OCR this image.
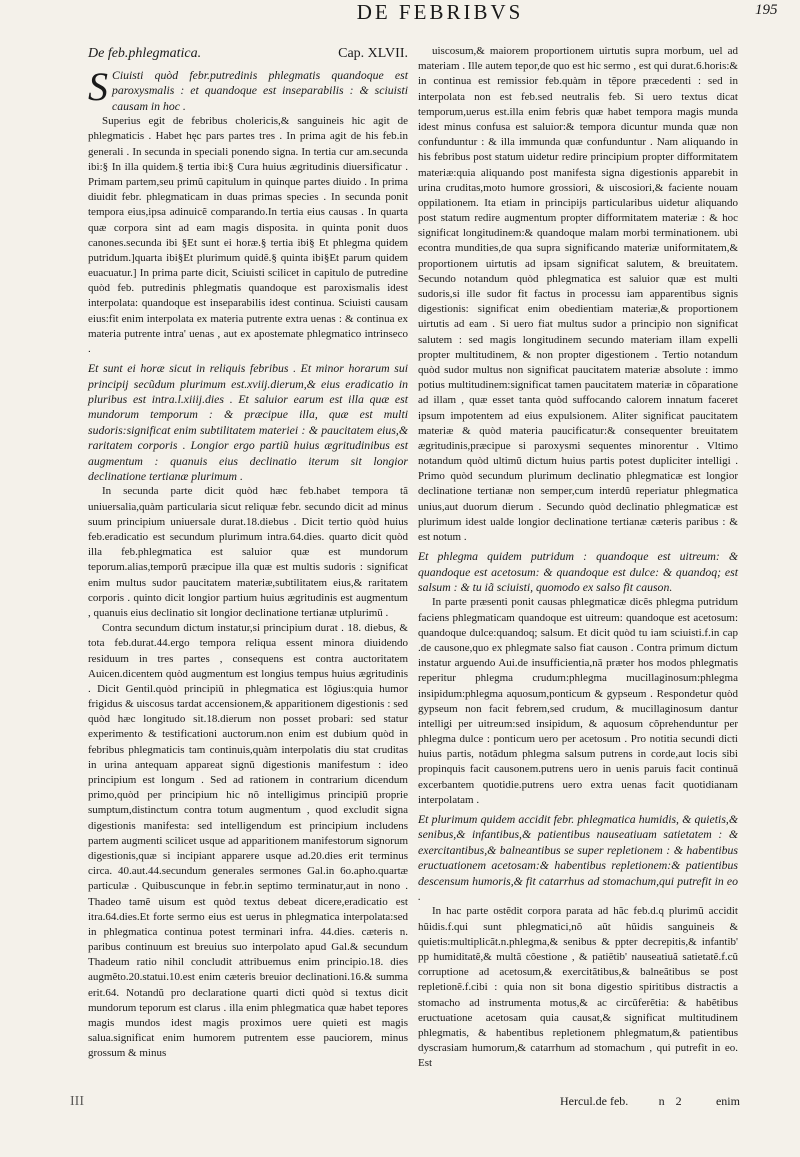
DE FEBRIBVS	195
De feb.phlegmatica.	Cap. XLVII.

S Ciuisti quòd febr.putredinis phlegmatis quandoque est paroxysmalis : et quandoque est inseparabilis : & sciuisti causam in hoc .

Superius egit de febribus cholericis,& sanguineis hic agit de phlegmaticis . Habet hęc pars partes tres . In prima agit de his feb.in generali . In secunda in speciali ponendo signa. In tertia cur am.secunda ibi:§ In illa quidem.§ tertia ibi:§ Cura huius ægritudinis diuersificatur . Primam partem,seu primũ capitulum in quinque partes diuido . In prima diuidit febr. phlegmaticam in duas primas species . In secunda ponit tempora eius,ipsa adinuicẽ comparando.In tertia eius causas . In quarta quæ corpora sint ad eam magis disposita. in quinta ponit duos canones.secunda ibi §Et sunt ei horæ.§ tertia ibi§ Et phlegma quidem putridum.]quarta ibi§Et plurimum quidẽ.§ quinta ibi§Et parum quidem euacuatur.] In prima parte dicit, Sciuisti scilicet in capitulo de putredine quòd feb. putredinis phlegmatis quandoque est paroxismalis idest interpolata: quandoque est inseparabilis idest continua. Sciuisti causam eius:fit enim interpolata ex materia putrente extra uenas : & continua ex materia putrente intra' uenas , aut ex apostemate phlegmatico intrinseco .

Et sunt ei horæ sicut in reliquis febribus . Et minor horarum sui principij secũdum plurimum est.xviij.dierum,& eius eradicatio in pluribus est intra.l.xiiij.dies . Et saluior earum est illa quæ est mundorum temporum : & præcipue illa, quæ est multi sudoris:significat enim subtilitatem materiei : & paucitatem eius,& raritatem corporis . Longior ergo partiũ huius ægritudinibus est augmentum : quanuis eius declinatio iterum sit longior declinatione tertianæ plurimum .

In secunda parte dicit quòd hæc feb.habet tempora tã uniuersalia,quàm particularia sicut reliquæ febr. secundo dicit ad minus suum principium uniuersale durat.18.diebus . Dicit tertio quòd huius feb.eradicatio est secundum plurimum intra.64.dies. quarto dicit quòd illa feb.phlegmatica est saluior quæ est mundorum teporum.alias,temporũ præcipue illa quæ est multis sudoris : significat enim multus sudor paucitatem materiæ,subtilitatem eius,& raritatem corporis . quinto dicit longior partium huius ægritudinis est augmentum , quanuis eius declinatio sit longior declinatione tertianæ utplurimũ .

Contra secundum dictum instatur,si principium durat . 18. diebus, & tota feb.durat.44.ergo tempora reliqua essent minora diuidendo residuum in tres partes , consequens est contra auctoritatem Auicen.dicentem quòd augmentum est longius tempus huius ægritudinis . Dicit Gentil.quòd principiũ in phlegmatica est lõgius:quia humor frigidus & uiscosus tardat accensionem,& apparitionem digestionis : sed quòd hæc longitudo sit.18.dierum non posset probari: sed statur experimento & testificationi auctorum.non enim est dubium quòd in febribus phlegmaticis tam continuis,quàm interpolatis diu stat cruditas in urina antequam appareat signũ digestionis manifestum : ideo principium est longum . Sed ad rationem in contrarium dicendum primo,quòd per principium hic nõ intelligimus principiũ proprie sumptum,distinctum contra totum augmentum , quod excludit signa digestionis manifesta: sed intelligendum est principium includens partem augmenti scilicet usque ad apparitionem manifestorum signorum digestionis,quæ si incipiant apparere usque ad.20.dies erit terminus circa. 40.aut.44.secundum generales sermones Gal.in 6o.apho.quartæ particulæ . Quibuscunque in febr.in septimo terminatur,aut in nono . Thadeo tamẽ uisum est quòd textus debeat dicere,eradicatio est itra.64.dies.Et forte sermo eius est uerus in phlegmatica interpolata:sed in phlegmatica continua potest terminari infra. 44.dies. cæteris n. paribus continuum est breuius suo interpolato apud Gal.& secundum Thadeum ratio nihil concludit attribuemus enim principio.18. dies augmẽto.20.statui.10.est enim cæteris breuior declinationi.16.& summa erit.64. Notandũ pro declaratione quarti dicti quòd si textus dicit mundorum teporum est clarus . illa enim phlegmatica quæ habet tepores magis mundos idest magis proximos uere quieti est magis salua.significat enim humorem putrentem esse pauciorem, minus grossum & minus

uiscosum,& maiorem proportionem uirtutis supra morbum, uel ad materiam . Ille autem tepor,de quo est hic sermo , est qui durat.6.horis:& in continua est remissior feb.quàm in tẽpore præcedenti : sed in interpolata non est feb.sed neutralis feb. Si uero textus dicat temporum,uerus est.illa enim febris quæ habet tempora magis munda idest minus confusa est saluior:& tempora dicuntur munda quæ non confunduntur : & illa immunda quæ confunduntur . Nam aliquando in his febribus post statum uidetur redire principium propter difformitatem materiæ:quia aliquando post manifesta signa digestionis apparebit in urina cruditas,moto humore grossiori, & uiscosiori,& faciente nouam oppilationem. Ita etiam in principijs particularibus uidetur aliquando post statum redire augmentum propter difformitatem materiæ : & hoc significat longitudinem:& quandoque malam morbi terminationem. ubi econtra mundities,de qua supra significando materiæ uniformitatem,& proportionem uirtutis ad ipsam significat salutem, & breuitatem. Secundo notandum quòd phlegmatica est saluior quæ est multi sudoris,si ille sudor fit factus in processu iam apparentibus signis digestionis: significat enim obedientiam materiæ,& proportionem uirtutis ad eam . Si uero fiat multus sudor a principio non significat salutem : sed magis longitudinem secundo materiam illam expelli propter multitudinem, & non propter digestionem . Tertio notandum quòd sudor multus non significat paucitatem materiæ absolute : immo potius multitudinem:significat tamen paucitatem materiæ in cõparatione ad illam , quæ esset tanta quòd suffocando calorem innatum faceret ipsum impotentem ad eius expulsionem. Aliter significat paucitatem materiæ & quòd materia paucificatur:& consequenter breuitatem ægritudinis,præcipue si paroxysmi sequentes minorentur . Vltimo notandum quòd ultimũ dictum huius partis potest dupliciter intelligi . Primo quòd secundum plurimum declinatio phlegmaticæ est longior declinatione tertianæ non semper,cum interdũ reperiatur phlegmatica unius,aut duorum dierum . Secundo quòd declinatio phlegmaticæ est plurimum idest ualde longior declinatione tertianæ cæteris paribus : & est notum .

Et phlegma quidem putridum : quandoque est uitreum: & quandoque est acetosum: & quandoque est dulce: & quandoq; est salsum : & tu iã sciuisti, quomodo ex salso fit causon.

In parte præsenti ponit causas phlegmaticæ dicẽs phlegma putridum faciens phlegmaticam quandoque est uitreum: quandoque est acetosum: quandoque dulce:quandoq; salsum. Et dicit quòd tu iam sciuisti.f.in cap .de causone,quo ex phlegmate salso fiat causon . Contra primum dictum instatur arguendo Aui.de insufficientia,nã præter hos modos phlegmatis reperitur phlegma crudum:phlegma mucillaginosum:phlegma insipidum:phlegma aquosum,ponticum & gypseum . Respondetur quòd gypseum non facit febrem,sed crudum, & mucillaginosum dantur intelligi per uitreum:sed insipidum, & aquosum cõprehenduntur per phlegma dulce : ponticum uero per acetosum . Pro notitia secundi dicti huius partis, notãdum phlegma salsum putrens in corde,aut locis sibi propinquis facit causonem.putrens uero in uenis paruis facit continuã excerbantem quotidie.putrens uero extra uenas facit quotidianam interpolatam .

Et plurimum quidem accidit febr. phlegmatica humidis, & quietis,& senibus,& infantibus,& patientibus nauseatiuam satietatem : & exercitantibus,& balneantibus se super repletionem : & habentibus eructuationem acetosam:& habentibus repletionem:& patientibus descensum humoris,& fit catarrhus ad stomachum,qui putrefit in eo .

In hac parte ostẽdit corpora parata ad hãc feb.d.q plurimũ accidit hũidis.f.qui sunt phlegmatici,nõ aũt hũidis sanguineis & quietis:multiplicãt.n.phlegma,& senibus & ppter decrepitis,& infantib' pp humiditatẽ,& multã cõestione , & patiẽtib' nauseatiuã satietatẽ.f.cũ corruptione ad acetosum,& exercitãtibus,& balneãtibus se post repletionẽ.f.cibi : quia non sit bona digestio spiritibus distractis a stomacho ad instrumenta motus,& ac circũferẽtia: & habẽtibus eructuatione acetosam quia causat,& significat multitudinem phlegmatis, & habentibus repletionem phlegmatum,& patientibus dyscrasiam humorum,& catarrhum ad stomachum , qui putrefit in eo. Est

III	Hercul.de feb.	n 2	enim
